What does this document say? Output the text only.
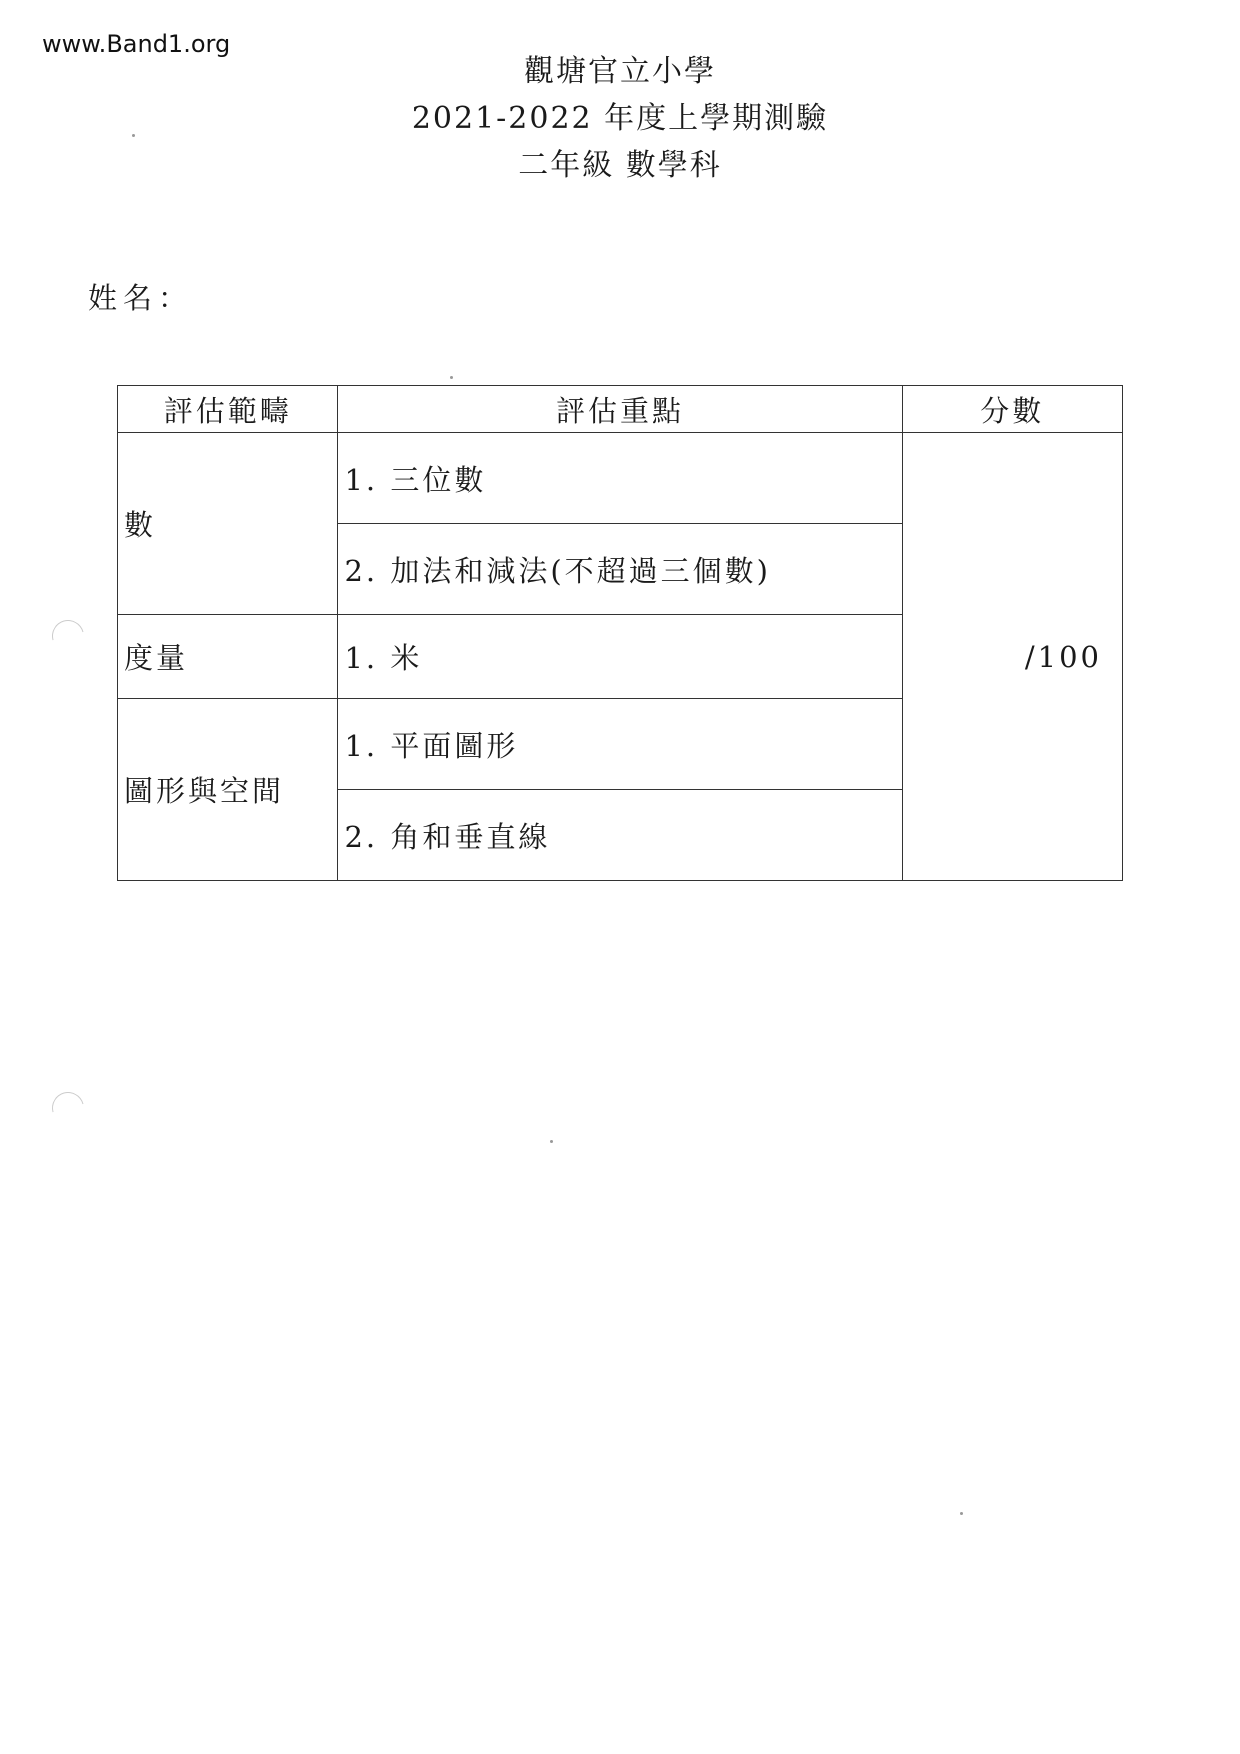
www.Band1.org
觀塘官立小學
2021-2022 年度上學期測驗
二年級 數學科
姓名：
評估範疇	評估重點	分數
數	1. 三位數	/100
	2. 加法和減法(不超過三個數)	
度量	1. 米	
圖形與空間	1. 平面圖形	
	2. 角和垂直線	
